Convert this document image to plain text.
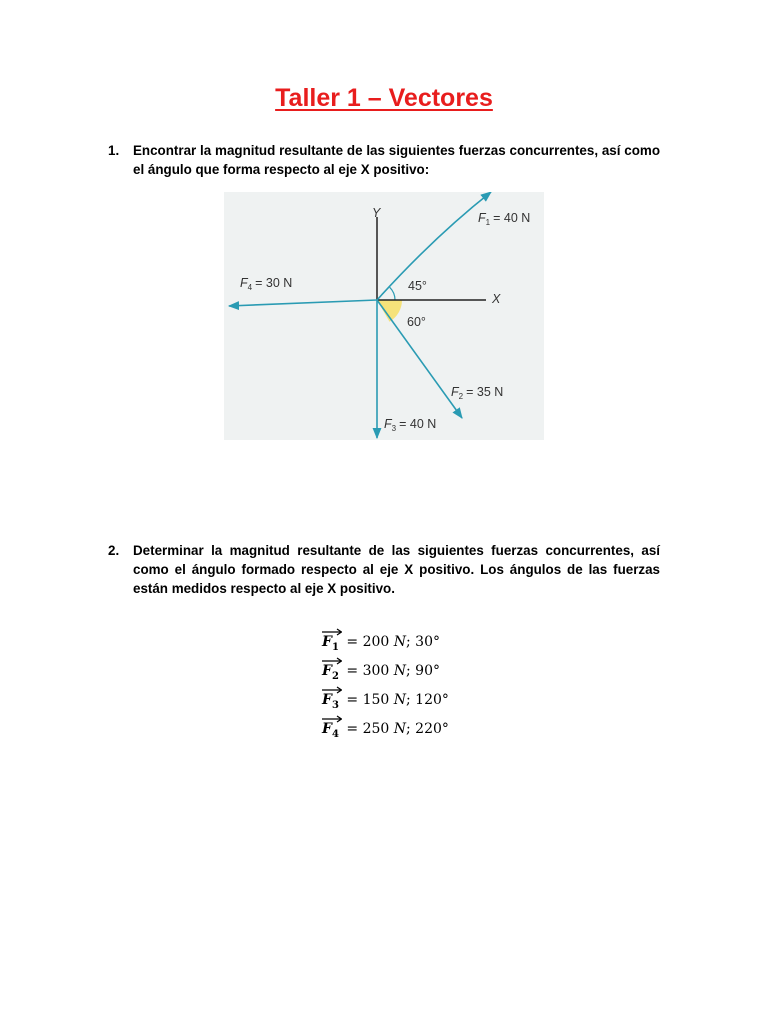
Taller 1 – Vectores
1. Encontrar la magnitud resultante de las siguientes fuerzas concurrentes, así como el ángulo que forma respecto al eje X positivo:
Y
X
45°
60°
$F_1 = 40$ N
$F_2 = 35$ N
$F_3 = 40$ N
$F_4 = 30$ N
2. Determinar la magnitud resultante de las siguientes fuerzas concurrentes, así como el ángulo formado respecto al eje X positivo. Los ángulos de las fuerzas están medidos respecto al eje X positivo.
$F_1 = 200$ N; 30°
$F_2 = 300$ N; 90°
$F_3 = 150$ N; 120°
$F_4 = 250$ N; 220°
